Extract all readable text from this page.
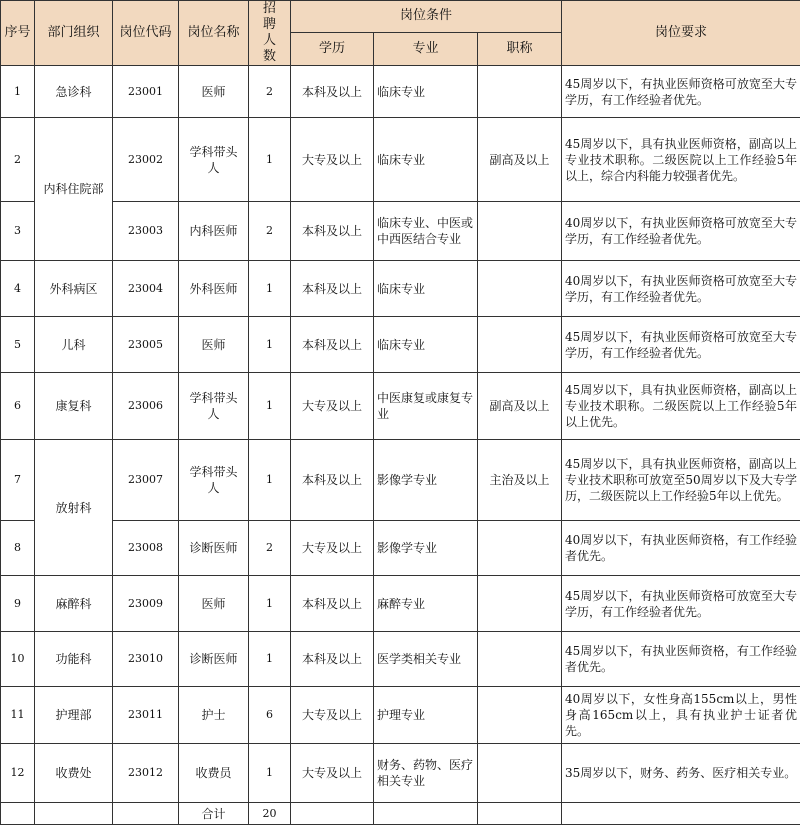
序号	部门组织	岗位代码	岗位名称	招聘人数	岗位条件			岗位要求
					学历	专业	职称	
1	急诊科	23001	医师	2	本科及以上	临床专业		45周岁以下，有执业医师资格可放宽至大专学历，有工作经验者优先。
2	内科住院部	23002	学科带头人	1	大专及以上	临床专业	副高及以上	45周岁以下，具有执业医师资格，副高以上专业技术职称。二级医院以上工作经验5年以上，综合内科能力较强者优先。
3		23003	内科医师	2	本科及以上	临床专业、中医或中西医结合专业		40周岁以下，有执业医师资格可放宽至大专学历，有工作经验者优先。
4	外科病区	23004	外科医师	1	本科及以上	临床专业		40周岁以下，有执业医师资格可放宽至大专学历，有工作经验者优先。
5	儿科	23005	医师	1	本科及以上	临床专业		45周岁以下，有执业医师资格可放宽至大专学历，有工作经验者优先。
6	康复科	23006	学科带头人	1	大专及以上	中医康复或康复专业	副高及以上	45周岁以下，具有执业医师资格，副高以上专业技术职称。二级医院以上工作经验5年以上优先。
7	放射科	23007	学科带头人	1	本科及以上	影像学专业	主治及以上	45周岁以下，具有执业医师资格，副高以上专业技术职称可放宽至50周岁以下及大专学历，二级医院以上工作经验5年以上优先。
8		23008	诊断医师	2	大专及以上	影像学专业		40周岁以下，有执业医师资格，有工作经验者优先。
9	麻醉科	23009	医师	1	本科及以上	麻醉专业		45周岁以下，有执业医师资格可放宽至大专学历，有工作经验者优先。
10	功能科	23010	诊断医师	1	本科及以上	医学类相关专业		45周岁以下，有执业医师资格，有工作经验者优先。
11	护理部	23011	护士	6	大专及以上	护理专业		40周岁以下，女性身高155cm以上，男性身高165cm以上，具有执业护士证者优先。
12	收费处	23012	收费员	1	大专及以上	财务、药物、医疗相关专业		35周岁以下，财务、药务、医疗相关专业。
			合计	20				
